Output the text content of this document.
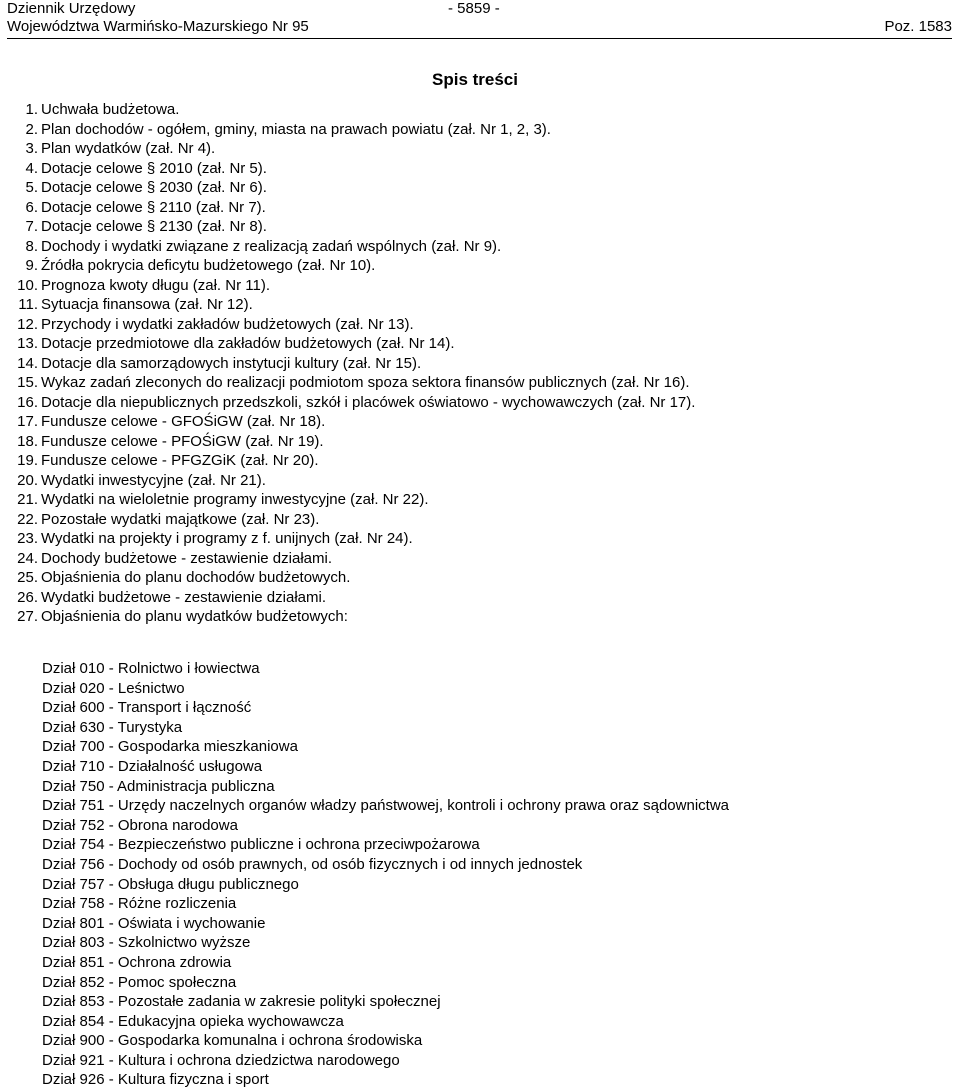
Dziennik Urzędowy
Województwa Warmińsko-Mazurskiego Nr 95
- 5859 -
Poz. 1583
Spis treści
1. Uchwała budżetowa.
2. Plan dochodów - ogółem, gminy, miasta na prawach powiatu (zał. Nr 1, 2, 3).
3. Plan wydatków (zał. Nr 4).
4. Dotacje celowe § 2010 (zał. Nr 5).
5. Dotacje celowe § 2030 (zał. Nr 6).
6. Dotacje celowe § 2110 (zał. Nr 7).
7. Dotacje celowe § 2130 (zał. Nr 8).
8. Dochody i wydatki związane z realizacją zadań wspólnych (zał. Nr 9).
9. Źródła pokrycia deficytu budżetowego (zał. Nr 10).
10. Prognoza kwoty długu (zał. Nr 11).
11. Sytuacja finansowa (zał. Nr 12).
12. Przychody i wydatki zakładów budżetowych (zał. Nr 13).
13. Dotacje przedmiotowe dla zakładów budżetowych (zał. Nr 14).
14. Dotacje dla samorządowych instytucji kultury (zał. Nr 15).
15. Wykaz zadań zleconych do realizacji podmiotom spoza sektora finansów publicznych (zał. Nr 16).
16. Dotacje dla niepublicznych przedszkoli, szkół i placówek oświatowo - wychowawczych (zał. Nr 17).
17. Fundusze celowe - GFOŚiGW (zał. Nr 18).
18. Fundusze celowe - PFOŚiGW (zał. Nr 19).
19. Fundusze celowe - PFGZGiK (zał. Nr 20).
20. Wydatki inwestycyjne (zał. Nr 21).
21. Wydatki na wieloletnie programy inwestycyjne (zał. Nr 22).
22. Pozostałe wydatki majątkowe (zał. Nr 23).
23. Wydatki na projekty i programy z f. unijnych (zał. Nr 24).
24. Dochody budżetowe - zestawienie działami.
25. Objaśnienia do planu dochodów budżetowych.
26. Wydatki budżetowe - zestawienie działami.
27. Objaśnienia do planu wydatków budżetowych:
Dział 010 - Rolnictwo i łowiectwa
Dział 020 - Leśnictwo
Dział 600 - Transport i łączność
Dział 630 - Turystyka
Dział 700 - Gospodarka mieszkaniowa
Dział 710 - Działalność usługowa
Dział 750 - Administracja publiczna
Dział 751 - Urzędy naczelnych organów władzy państwowej, kontroli i ochrony prawa oraz sądownictwa
Dział 752 - Obrona narodowa
Dział 754 - Bezpieczeństwo publiczne i ochrona przeciwpożarowa
Dział 756 - Dochody od osób prawnych, od osób fizycznych i od innych jednostek
Dział 757 - Obsługa długu publicznego
Dział 758 - Różne rozliczenia
Dział 801 - Oświata i wychowanie
Dział 803 - Szkolnictwo wyższe
Dział 851 - Ochrona zdrowia
Dział 852 - Pomoc społeczna
Dział 853 - Pozostałe zadania w zakresie polityki społecznej
Dział 854 - Edukacyjna opieka wychowawcza
Dział 900 - Gospodarka komunalna i ochrona środowiska
Dział 921 - Kultura i ochrona dziedzictwa narodowego
Dział 926 - Kultura fizyczna i sport
